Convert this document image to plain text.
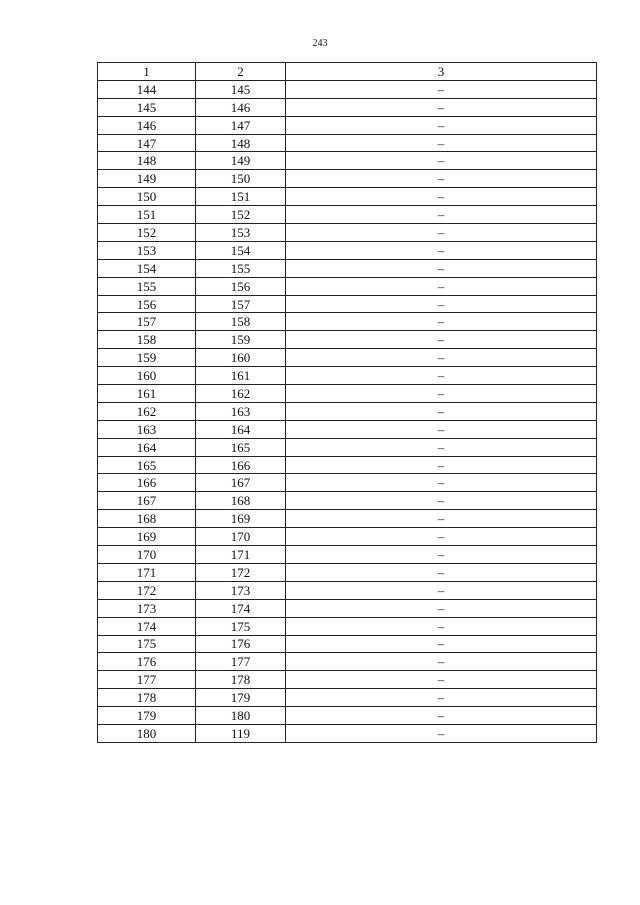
243
1	2	3
144	145	–
145	146	–
146	147	–
147	148	–
148	149	–
149	150	–
150	151	–
151	152	–
152	153	–
153	154	–
154	155	–
155	156	–
156	157	–
157	158	–
158	159	–
159	160	–
160	161	–
161	162	–
162	163	–
163	164	–
164	165	–
165	166	–
166	167	–
167	168	–
168	169	–
169	170	–
170	171	–
171	172	–
172	173	–
173	174	–
174	175	–
175	176	–
176	177	–
177	178	–
178	179	–
179	180	–
180	119	–
